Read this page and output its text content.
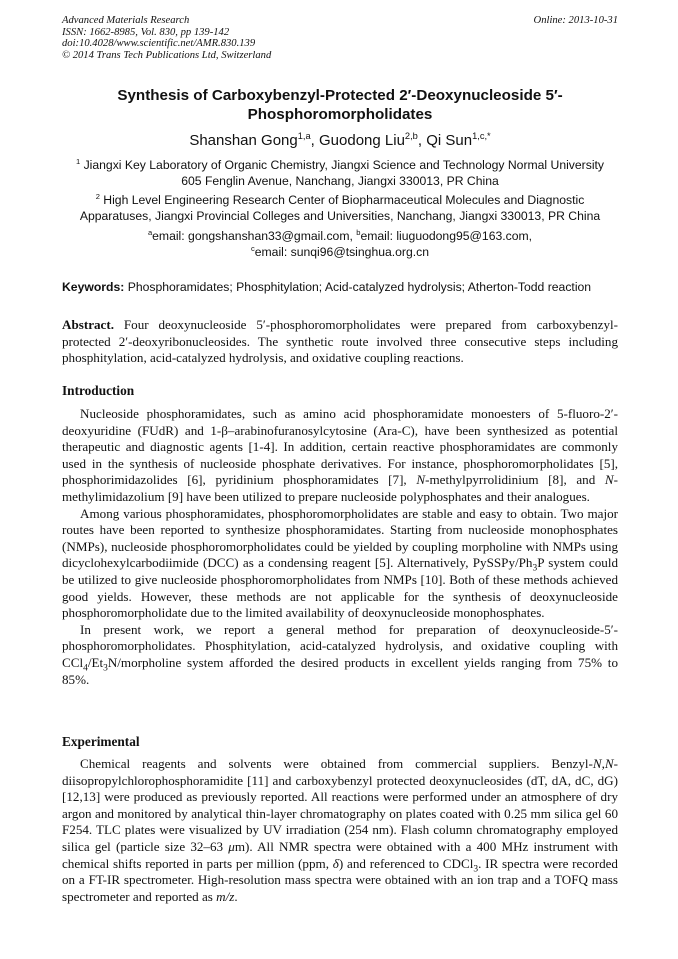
Advanced Materials Research
ISSN: 1662-8985, Vol. 830, pp 139-142
doi:10.4028/www.scientific.net/AMR.830.139
© 2014 Trans Tech Publications Ltd, Switzerland
Online: 2013-10-31
Synthesis of Carboxybenzyl-Protected 2′-Deoxynucleoside 5′-
Phosphoromorpholidates
Shanshan Gong$^{1,a}$, Guodong Liu$^{2,b}$, Qi Sun$^{1,c,*}$
$^1$ Jiangxi Key Laboratory of Organic Chemistry, Jiangxi Science and Technology Normal University
605 Fenglin Avenue, Nanchang, Jiangxi 330013, PR China
$^2$ High Level Engineering Research Center of Biopharmaceutical Molecules and Diagnostic
Apparatuses, Jiangxi Provincial Colleges and Universities, Nanchang, Jiangxi 330013, PR China
$^a$email: gongshanshan33@gmail.com, $^b$email: liuguodong95@163.com,
$^c$email: sunqi96@tsinghua.org.cn
Keywords: Phosphoramidates; Phosphitylation; Acid-catalyzed hydrolysis; Atherton-Todd reaction

Abstract. Four deoxynucleoside 5′-phosphoromorpholidates were prepared from carboxybenzyl-protected 2′-deoxyribonucleosides. The synthetic route involved three consecutive steps including phosphitylation, acid-catalyzed hydrolysis, and oxidative coupling reactions.

Introduction

Nucleoside phosphoramidates, such as amino acid phosphoramidate monoesters of 5-fluoro-2′-deoxyuridine (FUdR) and 1-β–arabinofuranosylcytosine (Ara-C), have been synthesized as potential therapeutic and diagnostic agents [1-4]. In addition, certain reactive phosphoramidates are commonly used in the synthesis of nucleoside phosphate derivatives. For instance, phosphoromorpholidates [5], phosphorimidazolides [6], pyridinium phosphoramidates [7], N-methylpyrrolidinium [8], and N-methylimidazolium [9] have been utilized to prepare nucleoside polyphosphates and their analogues.

Among various phosphoramidates, phosphoromorpholidates are stable and easy to obtain. Two major routes have been reported to synthesize phosphoramidates. Starting from nucleoside monophosphates (NMPs), nucleoside phosphoromorpholidates could be yielded by coupling morpholine with NMPs using dicyclohexylcarbodiimide (DCC) as a condensing reagent [5]. Alternatively, PySSPy/$Ph_3P$ system could be utilized to give nucleoside phosphoromorpholidates from NMPs [10]. Both of these methods achieved good yields. However, these methods are not applicable for the synthesis of deoxynucleoside phosphoromorpholidate due to the limited availability of deoxynucleoside monophosphates.

In present work, we report a general method for preparation of deoxynucleoside-5′-phosphoromorpholidates. Phosphitylation, acid-catalyzed hydrolysis, and oxidative coupling with $CCl_4/Et_3N$/morpholine system afforded the desired products in excellent yields ranging from 75% to 85%.

Experimental

Chemical reagents and solvents were obtained from commercial suppliers. Benzyl-N,N-diisopropylchlorophosphoramidite [11] and carboxybenzyl protected deoxynucleosides (dT, dA, dC, dG) [12,13] were produced as previously reported. All reactions were performed under an atmosphere of dry argon and monitored by analytical thin-layer chromatography on plates coated with 0.25 mm silica gel 60 F254. TLC plates were visualized by UV irradiation (254 nm). Flash column chromatography employed silica gel (particle size 32–63 μm). All NMR spectra were obtained with a 400 MHz instrument with chemical shifts reported in parts per million (ppm, δ) and referenced to CDCl$_3$. IR spectra were recorded on a FT-IR spectrometer. High-resolution mass spectra were obtained with an ion trap and a TOFQ mass spectrometer and reported as m/z.
